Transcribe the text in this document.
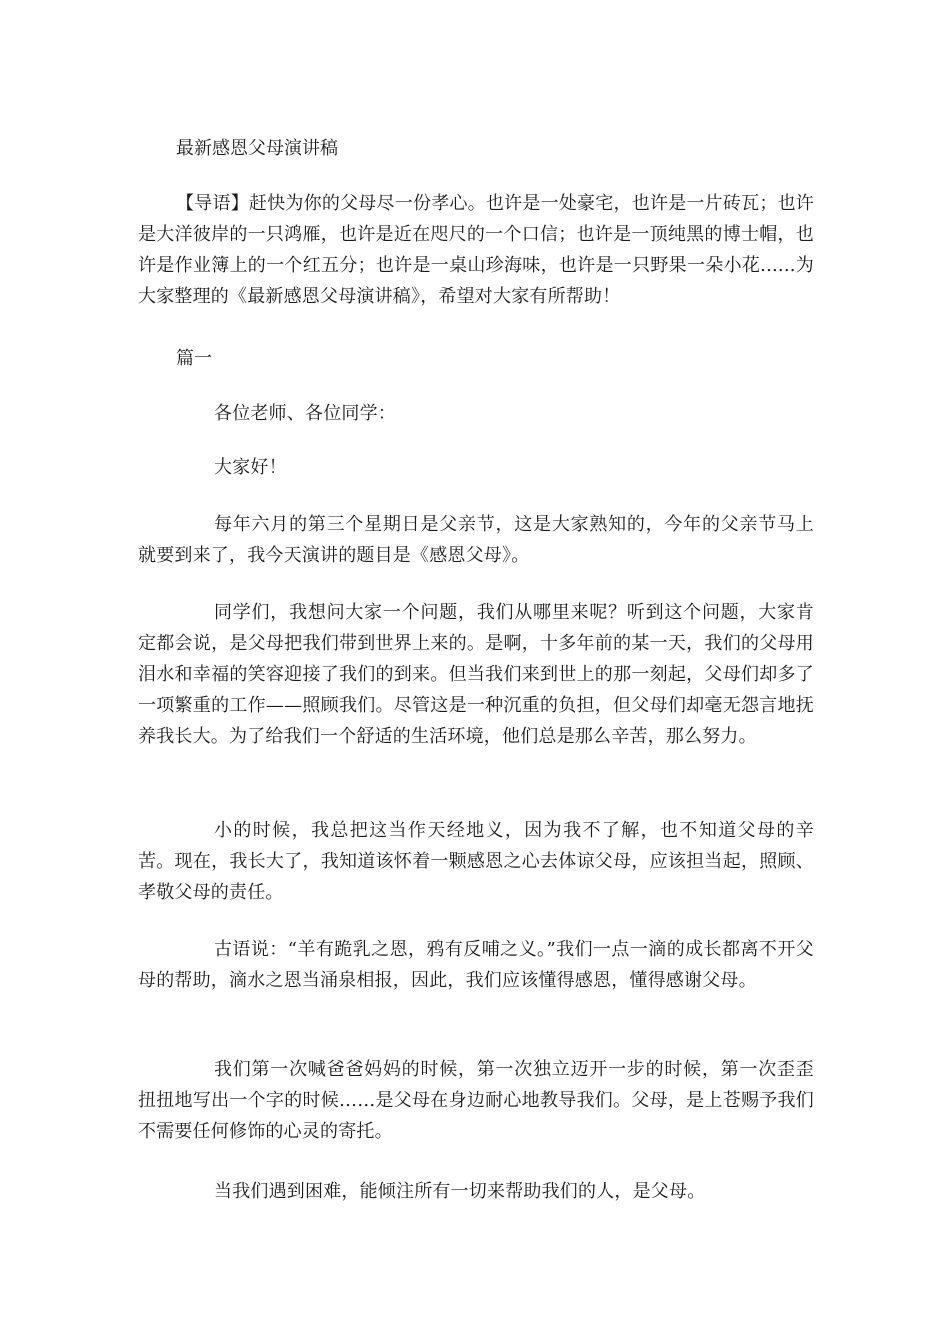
最新感恩父母演讲稿

【导语】赶快为你的父母尽一份孝心。也许是一处豪宅，也许是一片砖瓦；也许是大洋彼岸的一只鸿雁，也许是近在咫尺的一个口信；也许是一顶纯黑的博士帽，也许是作业簿上的一个红五分；也许是一桌山珍海味，也许是一只野果一朵小花......为大家整理的《最新感恩父母演讲稿》，希望对大家有所帮助！

篇一

各位老师、各位同学：

大家好！

每年六月的第三个星期日是父亲节，这是大家熟知的，今年的父亲节马上就要到来了，我今天演讲的题目是《感恩父母》。

同学们，我想问大家一个问题，我们从哪里来呢？听到这个问题，大家肯定都会说，是父母把我们带到世界上来的。是啊，十多年前的某一天，我们的父母用泪水和幸福的笑容迎接了我们的到来。但当我们来到世上的那一刻起，父母们却多了一项繁重的工作——照顾我们。尽管这是一种沉重的负担，但父母们却毫无怨言地抚养我长大。为了给我们一个舒适的生活环境，他们总是那么辛苦，那么努力。

小的时候，我总把这当作天经地义，因为我不了解，也不知道父母的辛苦。现在，我长大了，我知道该怀着一颗感恩之心去体谅父母，应该担当起，照顾、孝敬父母的责任。

古语说：“羊有跪乳之恩，鸦有反哺之义。”我们一点一滴的成长都离不开父母的帮助，滴水之恩当涌泉相报，因此，我们应该懂得感恩，懂得感谢父母。

我们第一次喊爸爸妈妈的时候，第一次独立迈开一步的时候，第一次歪歪扭扭地写出一个字的时候……是父母在身边耐心地教导我们。父母，是上苍赐予我们不需要任何修饰的心灵的寄托。

当我们遇到困难，能倾注所有一切来帮助我们的人，是父母。
